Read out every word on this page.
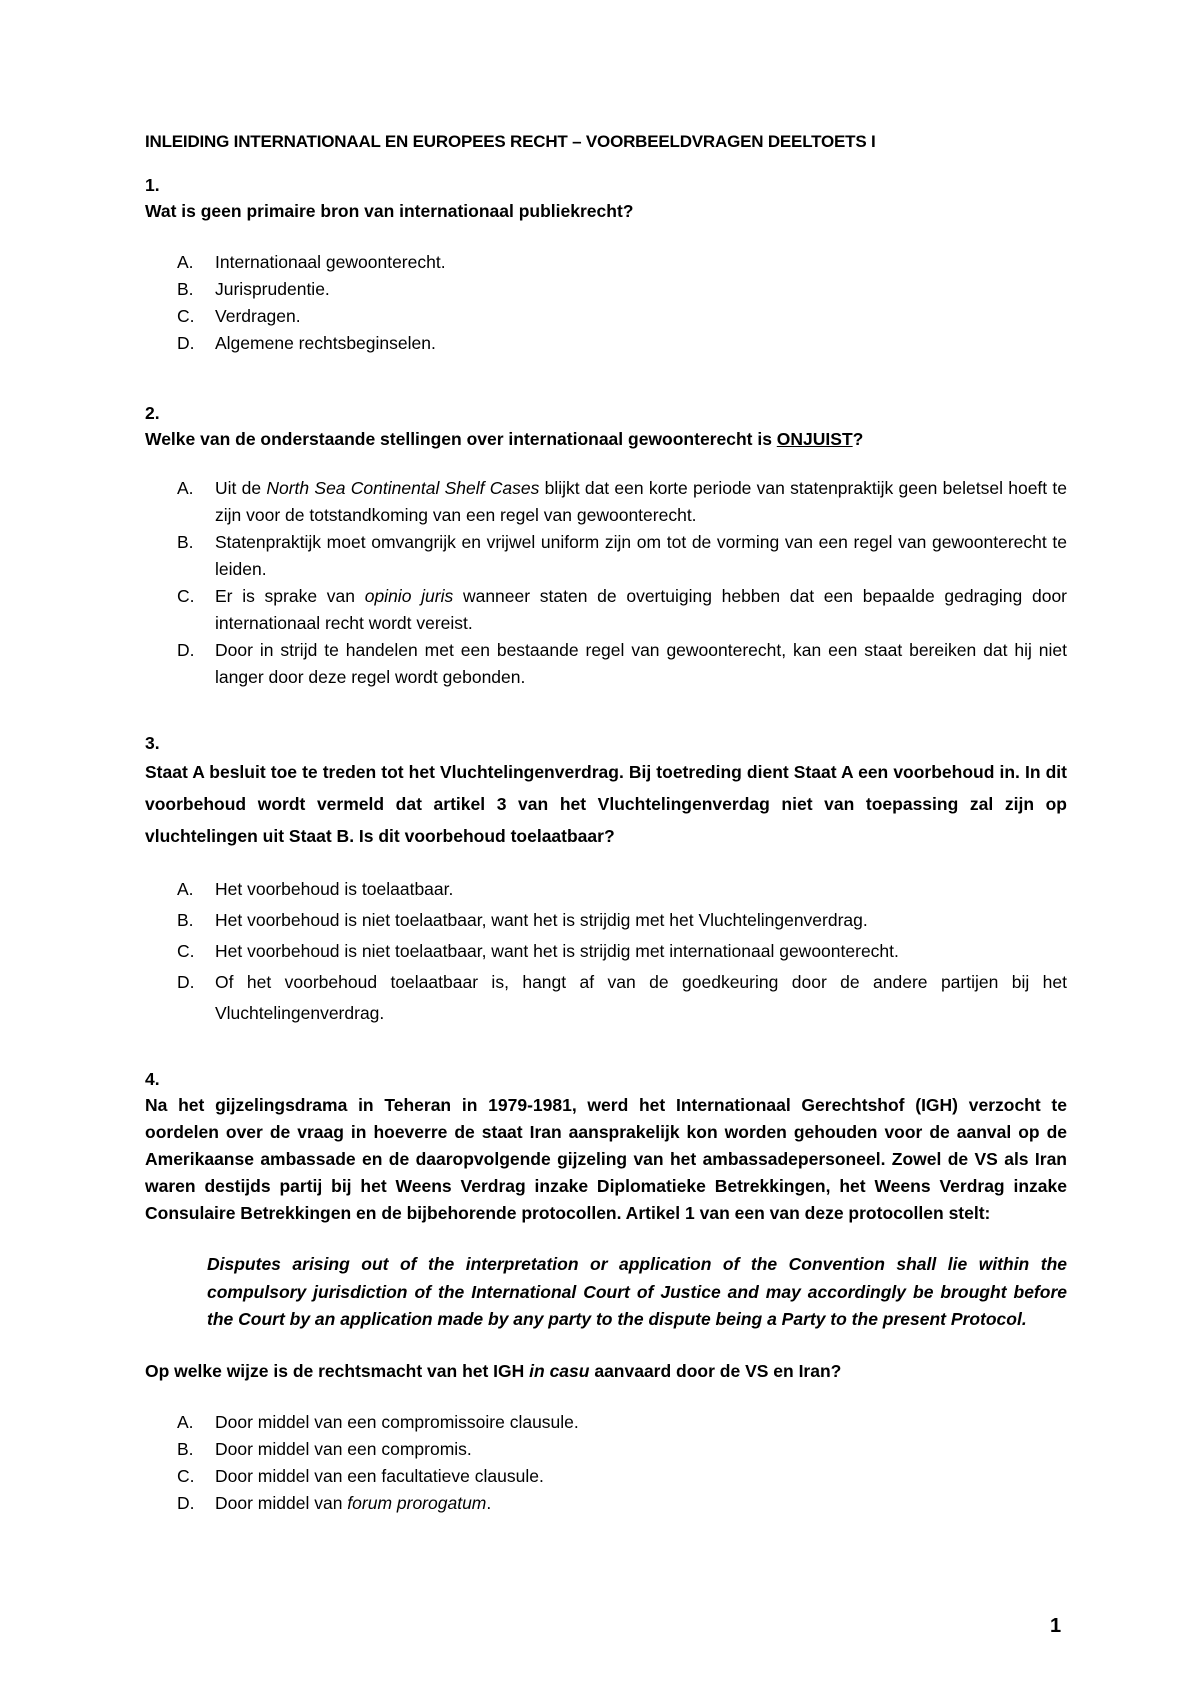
INLEIDING INTERNATIONAAL EN EUROPEES RECHT – VOORBEELDVRAGEN DEELTOETS I
1.
Wat is geen primaire bron van internationaal publiekrecht?
A. Internationaal gewoonterecht.
B. Jurisprudentie.
C. Verdragen.
D. Algemene rechtsbeginselen.
2.
Welke van de onderstaande stellingen over internationaal gewoonterecht is ONJUIST?
A. Uit de North Sea Continental Shelf Cases blijkt dat een korte periode van statenpraktijk geen beletsel hoeft te zijn voor de totstandkoming van een regel van gewoonterecht.
B. Statenpraktijk moet omvangrijk en vrijwel uniform zijn om tot de vorming van een regel van gewoonterecht te leiden.
C. Er is sprake van opinio juris wanneer staten de overtuiging hebben dat een bepaalde gedraging door internationaal recht wordt vereist.
D. Door in strijd te handelen met een bestaande regel van gewoonterecht, kan een staat bereiken dat hij niet langer door deze regel wordt gebonden.
3.
Staat A besluit toe te treden tot het Vluchtelingenverdrag. Bij toetreding dient Staat A een voorbehoud in. In dit voorbehoud wordt vermeld dat artikel 3 van het Vluchtelingenverdag niet van toepassing zal zijn op vluchtelingen uit Staat B. Is dit voorbehoud toelaatbaar?
A. Het voorbehoud is toelaatbaar.
B. Het voorbehoud is niet toelaatbaar, want het is strijdig met het Vluchtelingenverdrag.
C. Het voorbehoud is niet toelaatbaar, want het is strijdig met internationaal gewoonterecht.
D. Of het voorbehoud toelaatbaar is, hangt af van de goedkeuring door de andere partijen bij het Vluchtelingenverdrag.
4.
Na het gijzelingsdrama in Teheran in 1979-1981, werd het Internationaal Gerechtshof (IGH) verzocht te oordelen over de vraag in hoeverre de staat Iran aansprakelijk kon worden gehouden voor de aanval op de Amerikaanse ambassade en de daaropvolgende gijzeling van het ambassadepersoneel. Zowel de VS als Iran waren destijds partij bij het Weens Verdrag inzake Diplomatieke Betrekkingen, het Weens Verdrag inzake Consulaire Betrekkingen en de bijbehorende protocollen. Artikel 1 van een van deze protocollen stelt:
Disputes arising out of the interpretation or application of the Convention shall lie within the compulsory jurisdiction of the International Court of Justice and may accordingly be brought before the Court by an application made by any party to the dispute being a Party to the present Protocol.
Op welke wijze is de rechtsmacht van het IGH in casu aanvaard door de VS en Iran?
A. Door middel van een compromissoire clausule.
B. Door middel van een compromis.
C. Door middel van een facultatieve clausule.
D. Door middel van forum prorogatum.
1
